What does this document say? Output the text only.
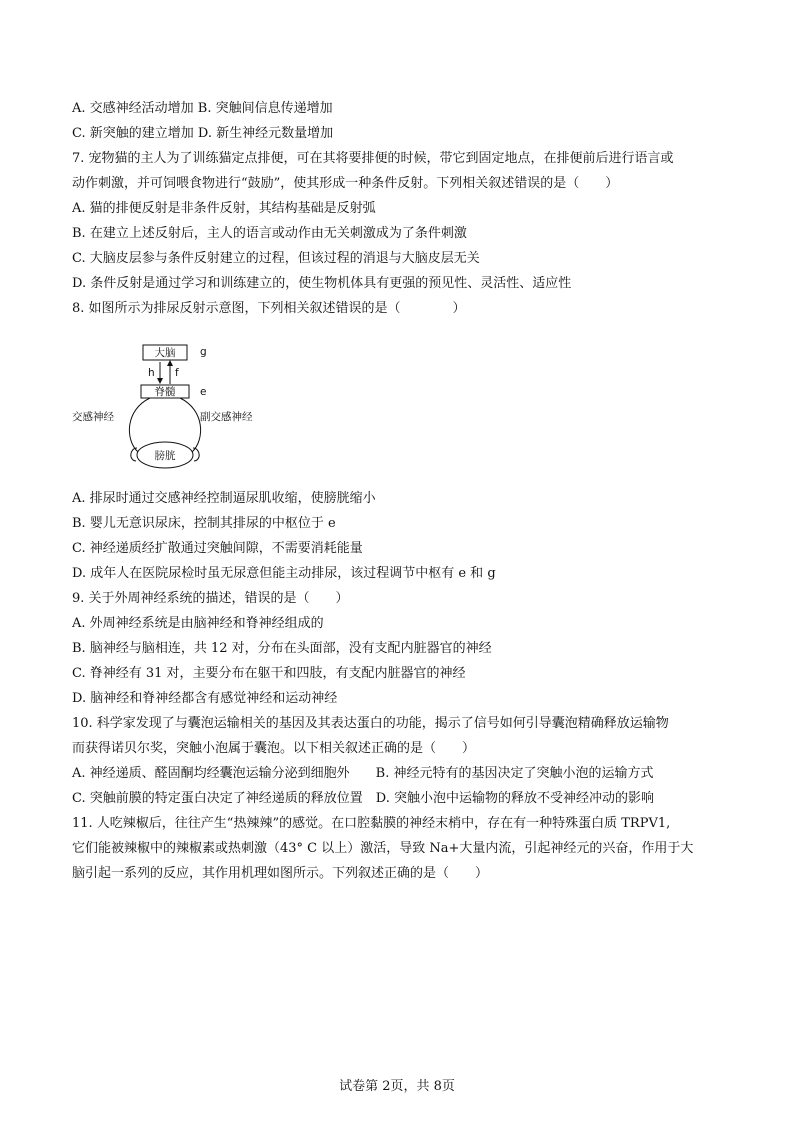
A. 交感神经活动增加 B. 突触间信息传递增加
C. 新突触的建立增加 D. 新生神经元数量增加
7. 宠物猫的主人为了训练猫定点排便，可在其将要排便的时候，带它到固定地点，在排便前后进行语言或
动作刺激，并可饲喂食物进行“鼓励”，使其形成一种条件反射。下列相关叙述错误的是（　　）
A. 猫的排便反射是非条件反射，其结构基础是反射弧
B. 在建立上述反射后，主人的语言或动作由无关刺激成为了条件刺激
C. 大脑皮层参与条件反射建立的过程，但该过程的消退与大脑皮层无关
D. 条件反射是通过学习和训练建立的，使生物机体具有更强的预见性、灵活性、适应性
8. 如图所示为排尿反射示意图，下列相关叙述错误的是（　　　　）
大脑 g
h f
脊髓 e
交感神经	副交感神经
膀胱
A. 排尿时通过交感神经控制逼尿肌收缩，使膀胱缩小
B. 婴儿无意识尿床，控制其排尿的中枢位于 e
C. 神经递质经扩散通过突触间隙，不需要消耗能量
D. 成年人在医院尿检时虽无尿意但能主动排尿，该过程调节中枢有 e 和 g
9. 关于外周神经系统的描述，错误的是（　　）
A. 外周神经系统是由脑神经和脊神经组成的
B. 脑神经与脑相连，共 12 对，分布在头面部，没有支配内脏器官的神经
C. 脊神经有 31 对，主要分布在躯干和四肢，有支配内脏器官的神经
D. 脑神经和脊神经都含有感觉神经和运动神经
10. 科学家发现了与囊泡运输相关的基因及其表达蛋白的功能，揭示了信号如何引导囊泡精确释放运输物
而获得诺贝尔奖，突触小泡属于囊泡。以下相关叙述正确的是（　　）
A. 神经递质、醛固酮均经囊泡运输分泌到细胞外　　B. 神经元特有的基因决定了突触小泡的运输方式
C. 突触前膜的特定蛋白决定了神经递质的释放位置　D. 突触小泡中运输物的释放不受神经冲动的影响
11. 人吃辣椒后，往往产生“热辣辣”的感觉。在口腔黏膜的神经末梢中，存在有一种特殊蛋白质 TRPV1,
它们能被辣椒中的辣椒素或热刺激（43° C 以上）激活，导致 Na+大量内流，引起神经元的兴奋，作用于大
脑引起一系列的反应，其作用机理如图所示。下列叙述正确的是（　　）
试卷第 2页，共 8页
